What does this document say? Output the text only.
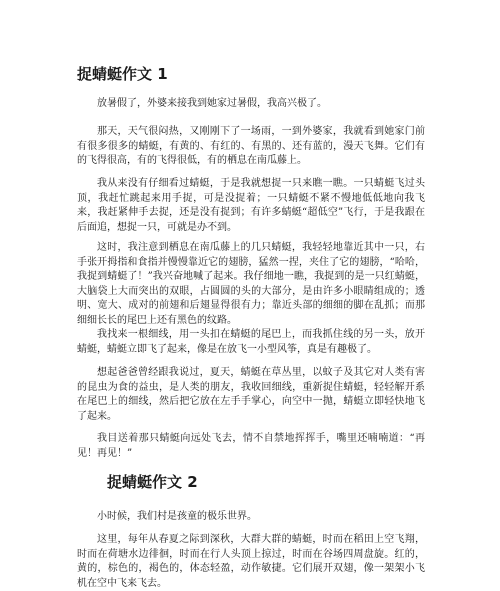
捉蜻蜓作文 1

放暑假了，外婆来接我到她家过暑假，我高兴极了。

那天，天气很闷热，又刚刚下了一场雨，一到外婆家，我就看到她家门前有很多很多的蜻蜓，有黄的、有红的、有黑的、还有蓝的，漫天飞舞。它们有的飞得很高，有的飞得很低，有的栖息在南瓜藤上。

我从来没有仔细看过蜻蜓，于是我就想捉一只来瞧一瞧。一只蜻蜓飞过头顶，我赶忙跳起来用手捉，可是没捉着；一只蜻蜓不紧不慢地低低地向我飞来，我赶紧伸手去捉，还是没有捉到；有许多蜻蜓“超低空”飞行，于是我跟在后面追，想捉一只，可就是办不到。

这时，我注意到栖息在南瓜藤上的几只蜻蜓，我轻轻地靠近其中一只，右手张开拇指和食指并慢慢靠近它的翅膀，猛然一捏，夹住了它的翅膀，“哈哈，我捉到蜻蜓了！”我兴奋地喊了起来。我仔细地一瞧，我捉到的是一只红蜻蜓，大脑袋上大而突出的双眼，占圆圆的头的大部分，是由许多小眼睛组成的；透明、宽大、成对的前翅和后翅显得很有力；靠近头部的细细的脚在乱抓；而那细细长长的尾巴上还有黑色的纹路。

我找来一根细线，用一头扣在蜻蜓的尾巴上，而我抓住线的另一头，放开蜻蜓，蜻蜓立即飞了起来，像是在放飞一小型风筝，真是有趣极了。

想起爸爸曾经跟我说过，夏天，蜻蜓在草丛里，以蚊子及其它对人类有害的昆虫为食的益虫，是人类的朋友，我收回细线，重新捉住蜻蜓，轻轻解开系在尾巴上的细线，然后把它放在左手手掌心，向空中一抛，蜻蜓立即轻快地飞了起来。

我目送着那只蜻蜓向远处飞去，情不自禁地挥挥手，嘴里还喃喃道：“再见！再见！”

捉蜻蜓作文 2

小时候，我们村是孩童的极乐世界。

这里，每年从春夏之际到深秋，大群大群的蜻蜓，时而在稻田上空飞翔，时而在荷塘水边徘徊，时而在行人头顶上掠过，时而在谷场四周盘旋。红的，黄的，棕色的，褐色的，体态轻盈，动作敏捷。它们展开双翅，像一架架小飞机在空中飞来飞去。
